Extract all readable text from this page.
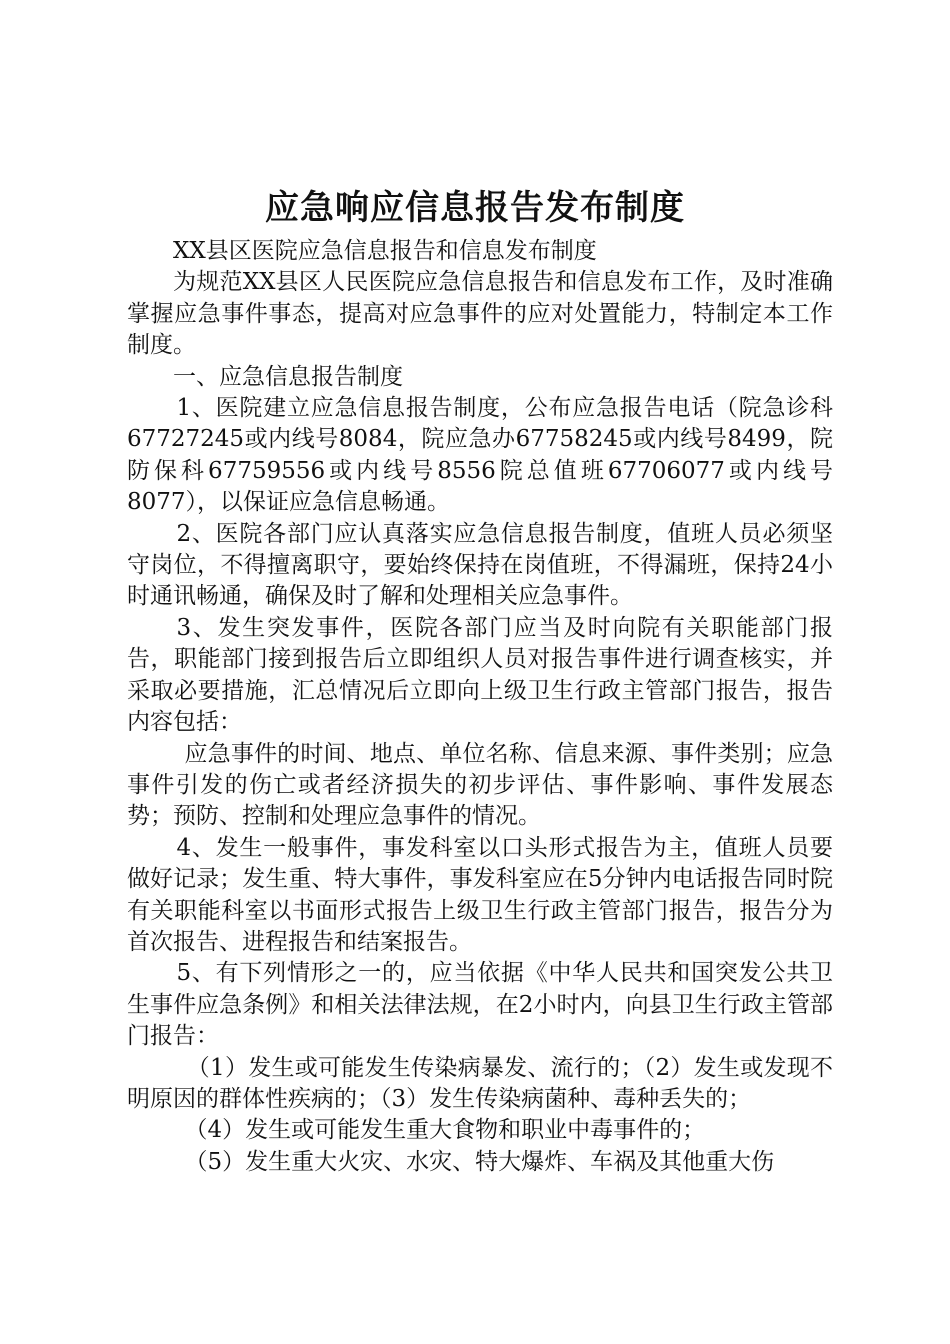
应急响应信息报告发布制度

XX县区医院应急信息报告和信息发布制度

为规范XX县区人民医院应急信息报告和信息发布工作，及时准确掌握应急事件事态，提高对应急事件的应对处置能力，特制定本工作制度。

一、应急信息报告制度

1、医院建立应急信息报告制度，公布应急报告电话（院急诊科67727245或内线号8084，院应急办67758245或内线号8499，院防保科67759556或内线号8556院总值班67706077或内线号8077），以保证应急信息畅通。

2、医院各部门应认真落实应急信息报告制度，值班人员必须坚守岗位，不得擅离职守，要始终保持在岗值班，不得漏班，保持24小时通讯畅通，确保及时了解和处理相关应急事件。

3、发生突发事件，医院各部门应当及时向院有关职能部门报告，职能部门接到报告后立即组织人员对报告事件进行调查核实，并采取必要措施，汇总情况后立即向上级卫生行政主管部门报告，报告内容包括：

应急事件的时间、地点、单位名称、信息来源、事件类别；应急事件引发的伤亡或者经济损失的初步评估、事件影响、事件发展态势；预防、控制和处理应急事件的情况。

4、发生一般事件，事发科室以口头形式报告为主，值班人员要做好记录；发生重、特大事件，事发科室应在5分钟内电话报告同时院有关职能科室以书面形式报告上级卫生行政主管部门报告，报告分为首次报告、进程报告和结案报告。

5、有下列情形之一的，应当依据《中华人民共和国突发公共卫生事件应急条例》和相关法律法规，在2小时内，向县卫生行政主管部门报告：

（1）发生或可能发生传染病暴发、流行的；（2）发生或发现不明原因的群体性疾病的；（3）发生传染病菌种、毒种丢失的；

（4）发生或可能发生重大食物和职业中毒事件的；

（5）发生重大火灾、水灾、特大爆炸、车祸及其他重大伤
